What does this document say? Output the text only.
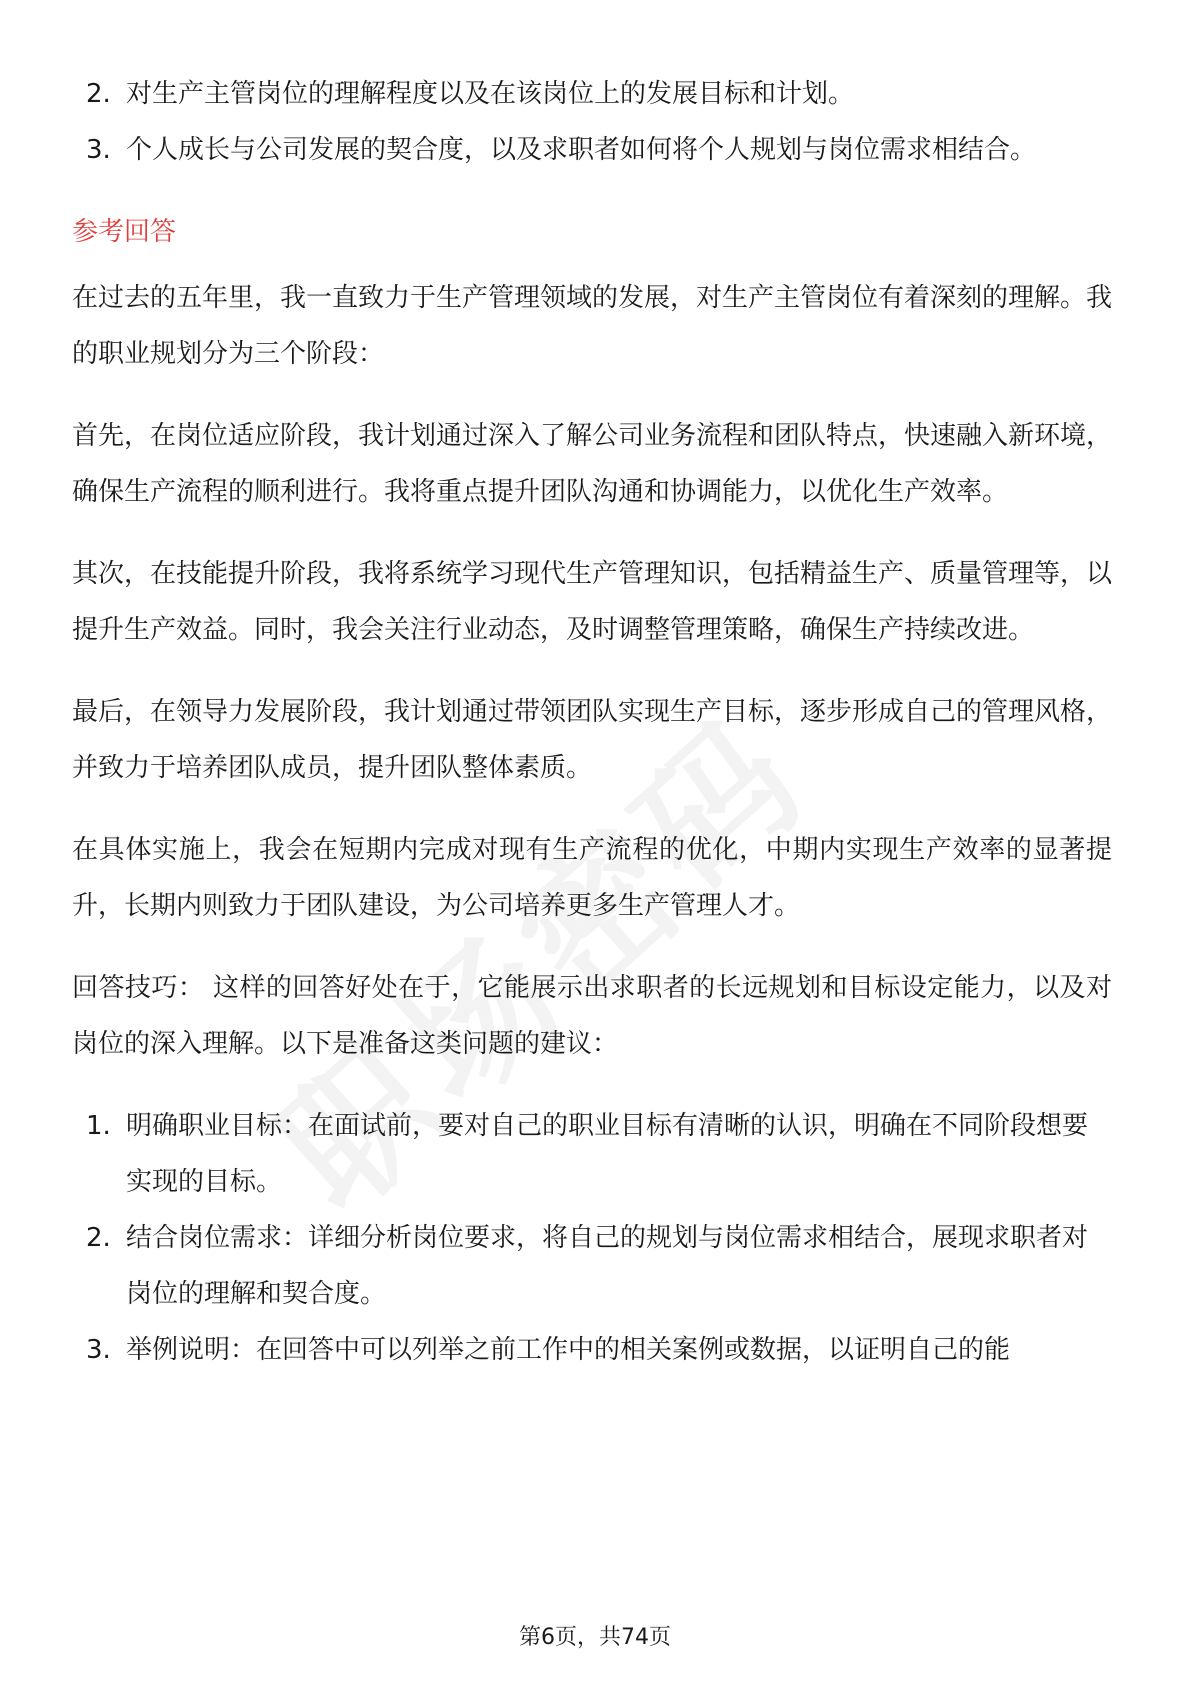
2. 对生产主管岗位的理解程度以及在该岗位上的发展目标和计划。
3. 个人成长与公司发展的契合度，以及求职者如何将个人规划与岗位需求相结合。
参考回答

在过去的五年里，我一直致力于生产管理领域的发展，对生产主管岗位有着深刻的理解。我的职业规划分为三个阶段：

首先，在岗位适应阶段，我计划通过深入了解公司业务流程和团队特点，快速融入新环境，确保生产流程的顺利进行。我将重点提升团队沟通和协调能力，以优化生产效率。

其次，在技能提升阶段，我将系统学习现代生产管理知识，包括精益生产、质量管理等，以提升生产效益。同时，我会关注行业动态，及时调整管理策略，确保生产持续改进。

最后，在领导力发展阶段，我计划通过带领团队实现生产目标，逐步形成自己的管理风格，并致力于培养团队成员，提升团队整体素质。

在具体实施上，我会在短期内完成对现有生产流程的优化，中期内实现生产效率的显著提升，长期内则致力于团队建设，为公司培养更多生产管理人才。

回答技巧： 这样的回答好处在于，它能展示出求职者的长远规划和目标设定能力，以及对岗位的深入理解。以下是准备这类问题的建议：

1. 明确职业目标：在面试前，要对自己的职业目标有清晰的认识，明确在不同阶段想要实现的目标。
2. 结合岗位需求：详细分析岗位要求，将自己的规划与岗位需求相结合，展现求职者对岗位的理解和契合度。
3. 举例说明：在回答中可以列举之前工作中的相关案例或数据，以证明自己的能
第6页，共74页
